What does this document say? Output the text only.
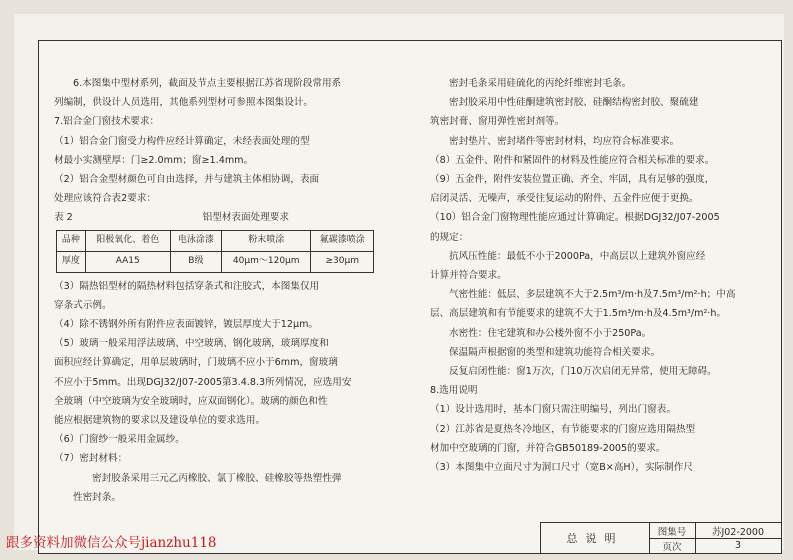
6.本图集中型材系列，截面及节点主要根据江苏省现阶段常用系
列编制，供设计人员选用，其他系列型材可参照本图集设计。
7.铝合金门窗技术要求：
（1）铝合金门窗受力构件应经计算确定，未经表面处理的型
材最小实测壁厚：门≥2.0mm；窗≥1.4mm。
（2）铝合金型材颜色可自由选择，并与建筑主体相协调，表面
处理应该符合表2要求：
表 2	铝型材表面处理要求
品种	阳极氧化、着色	电泳涂漆	粉末喷涂	氟碳漆喷涂
厚度	AA15	B级	40μm～120μm	≥30μm
（3）隔热铝型材的隔热材料包括穿条式和注胶式，本图集仅用
穿条式示例。
（4）除不锈钢外所有附件应表面镀锌，镀层厚度大于12μm。
（5）玻璃一般采用浮法玻璃、中空玻璃、钢化玻璃，玻璃厚度和
面积应经计算确定，用单层玻璃时，门玻璃不应小于6mm，窗玻璃
不应小于5mm。出现DGJ32/J07-2005第3.4.8.3所列情况，应选用安
全玻璃（中空玻璃为安全玻璃时，应双面钢化）。玻璃的颜色和性
能应根据建筑物的要求以及建设单位的要求选用。
（6）门窗纱一般采用金属纱。
（7）密封材料：
密封胶条采用三元乙丙橡胶、氯丁橡胶、硅橡胶等热塑性弹
性密封条。
密封毛条采用硅硫化的丙纶纤维密封毛条。
密封胶采用中性硅酮建筑密封胶、硅酮结构密封胶、聚硫建
筑密封膏、窗用弹性密封剂等。
密封垫片、密封堵件等密封材料，均应符合标准要求。
（8）五金件、附件和紧固件的材料及性能应符合相关标准的要求。
（9）五金件，附件安装位置正确、齐全、牢固，具有足够的强度，
启闭灵活、无噪声，承受往复运动的附件、五金件应便于更换。
（10）铝合金门窗物理性能应通过计算确定。根据DGJ32/J07-2005
的规定：
抗风压性能：最低不小于2000Pa，中高层以上建筑外窗应经
计算并符合要求。
气密性能：低层、多层建筑不大于2.5m³/m·h及7.5m³/m²·h；中高
层、高层建筑和有节能要求的建筑不大于1.5m³/m·h及4.5m³/m²·h。
水密性：住宅建筑和办公楼外窗不小于250Pa。
保温隔声根据窗的类型和建筑功能符合相关要求。
反复启闭性能：窗1万次，门10万次启闭无异常，使用无障碍。
8.选用说明
（1）设计选用时，基本门窗只需注明编号，列出门窗表。
（2）江苏省是夏热冬冷地区，有节能要求的门窗应选用隔热型
材加中空玻璃的门窗，并符合GB50189-2005的要求。
（3）本图集中立面尺寸为洞口尺寸（宽B×高H），实际制作尺
总说明	图集号	苏J02-2000
页次	3
跟多资料加微信公众号jianzhu118
